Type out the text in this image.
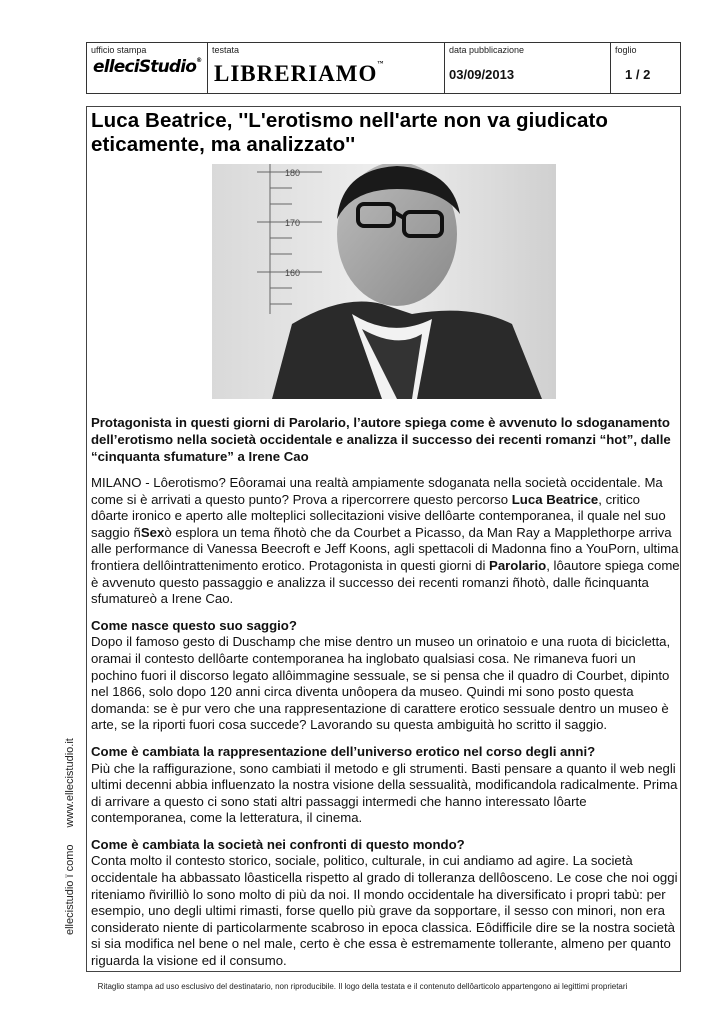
ufficio stampa
elleciStudio®
testata
LIBRERIAMO™
data pubblicazione
03/09/2013
foglio
1 / 2
Luca Beatrice, ''L'erotismo nell'arte non va giudicato eticamente, ma analizzato''
180
170
160
Protagonista in questi giorni di Parolario, l’autore spiega come è avvenuto lo sdoganamento dell’erotismo nella società occidentale e analizza il successo dei recenti romanzi “hot”, dalle “cinquanta sfumature” a Irene Cao

MILANO - Lôerotismo? Eôoramai una realtà ampiamente sdoganata nella società occidentale. Ma come si è arrivati a questo punto? Prova a ripercorrere questo percorso Luca Beatrice, critico dôarte ironico e aperto alle molteplici sollecitazioni visive dellôarte contemporanea, il quale nel suo saggio ñSexò esplora un tema ñhotò che da Courbet a Picasso, da Man Ray a Mapplethorpe arriva alle performance di Vanessa Beecroft e Jeff Koons, agli spettacoli di Madonna fino a YouPorn, ultima frontiera dellôintrattenimento erotico. Protagonista in questi giorni di Parolario, lôautore spiega come è avvenuto questo passaggio e analizza il successo dei recenti romanzi ñhotò, dalle ñcinquanta sfumatureò a Irene Cao.

Come nasce questo suo saggio?
Dopo il famoso gesto di Duschamp che mise dentro un museo un orinatoio e una ruota di bicicletta, oramai il contesto dellôarte contemporanea ha inglobato qualsiasi cosa. Ne rimaneva fuori un pochino fuori il discorso legato allôimmagine sessuale, se si pensa che il quadro di Courbet, dipinto nel 1866, solo dopo 120 anni circa diventa unôopera da museo. Quindi mi sono posto questa domanda: se è pur vero che una rappresentazione di carattere erotico sessuale dentro un museo è arte, se la riporti fuori cosa succede? Lavorando su questa ambiguità ho scritto il saggio.

Come è cambiata la rappresentazione dell’universo erotico nel corso degli anni?
Più che la raffigurazione, sono cambiati il metodo e gli strumenti. Basti pensare a quanto il web negli ultimi decenni abbia influenzato la nostra visione della sessualità, modificandola radicalmente. Prima di arrivare a questo ci sono stati altri passaggi intermedi che hanno interessato lôarte contemporanea, come la letteratura, il cinema.

Come è cambiata la società nei confronti di questo mondo?
Conta molto il contesto storico, sociale, politico, culturale, in cui andiamo ad agire. La società occidentale ha abbassato lôasticella rispetto al grado di tolleranza dellôosceno. Le cose che noi oggi riteniamo ñvirilliò lo sono molto di più da noi. Il mondo occidentale ha diversificato i propri tabù: per esempio, uno degli ultimi rimasti, forse quello più grave da sopportare, il sesso con minori, non era considerato niente di particolarmente scabroso in epoca classica. Eôdifficile dire se la nostra società si sia modifica nel bene o nel male, certo è che essa è estremamente tollerante, almeno per quanto riguarda la visione ed il consumo.

ellecistudio ï como www.ellecistudio.it
Ritaglio stampa ad uso esclusivo del destinatario, non riproducibile. Il logo della testata e il contenuto dellôarticolo appartengono ai legittimi proprietari
